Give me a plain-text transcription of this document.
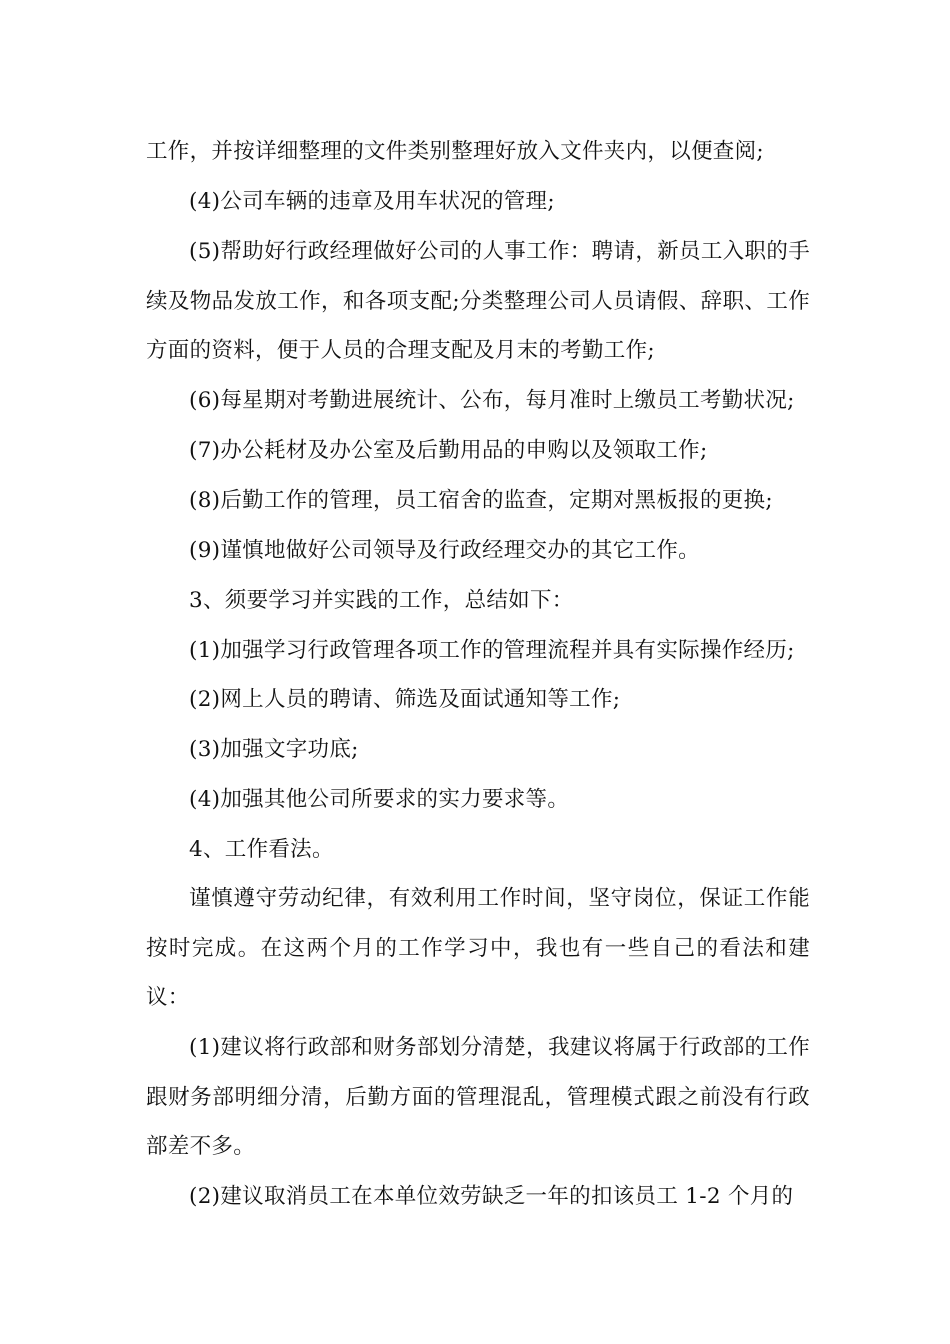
工作，并按详细整理的文件类别整理好放入文件夹内，以便查阅;

(4)公司车辆的违章及用车状况的管理;

(5)帮助好行政经理做好公司的人事工作：聘请，新员工入职的手续及物品发放工作，和各项支配;分类整理公司人员请假、辞职、工作方面的资料，便于人员的合理支配及月末的考勤工作;

(6)每星期对考勤进展统计、公布，每月准时上缴员工考勤状况;

(7)办公耗材及办公室及后勤用品的申购以及领取工作;

(8)后勤工作的管理，员工宿舍的监查，定期对黑板报的更换;

(9)谨慎地做好公司领导及行政经理交办的其它工作。

3、须要学习并实践的工作，总结如下：

(1)加强学习行政管理各项工作的管理流程并具有实际操作经历;

(2)网上人员的聘请、筛选及面试通知等工作;

(3)加强文字功底;

(4)加强其他公司所要求的实力要求等。

4、工作看法。

谨慎遵守劳动纪律，有效利用工作时间，坚守岗位，保证工作能按时完成。在这两个月的工作学习中，我也有一些自己的看法和建议：

(1)建议将行政部和财务部划分清楚，我建议将属于行政部的工作跟财务部明细分清，后勤方面的管理混乱，管理模式跟之前没有行政部差不多。

(2)建议取消员工在本单位效劳缺乏一年的扣该员工 1-2 个月的
